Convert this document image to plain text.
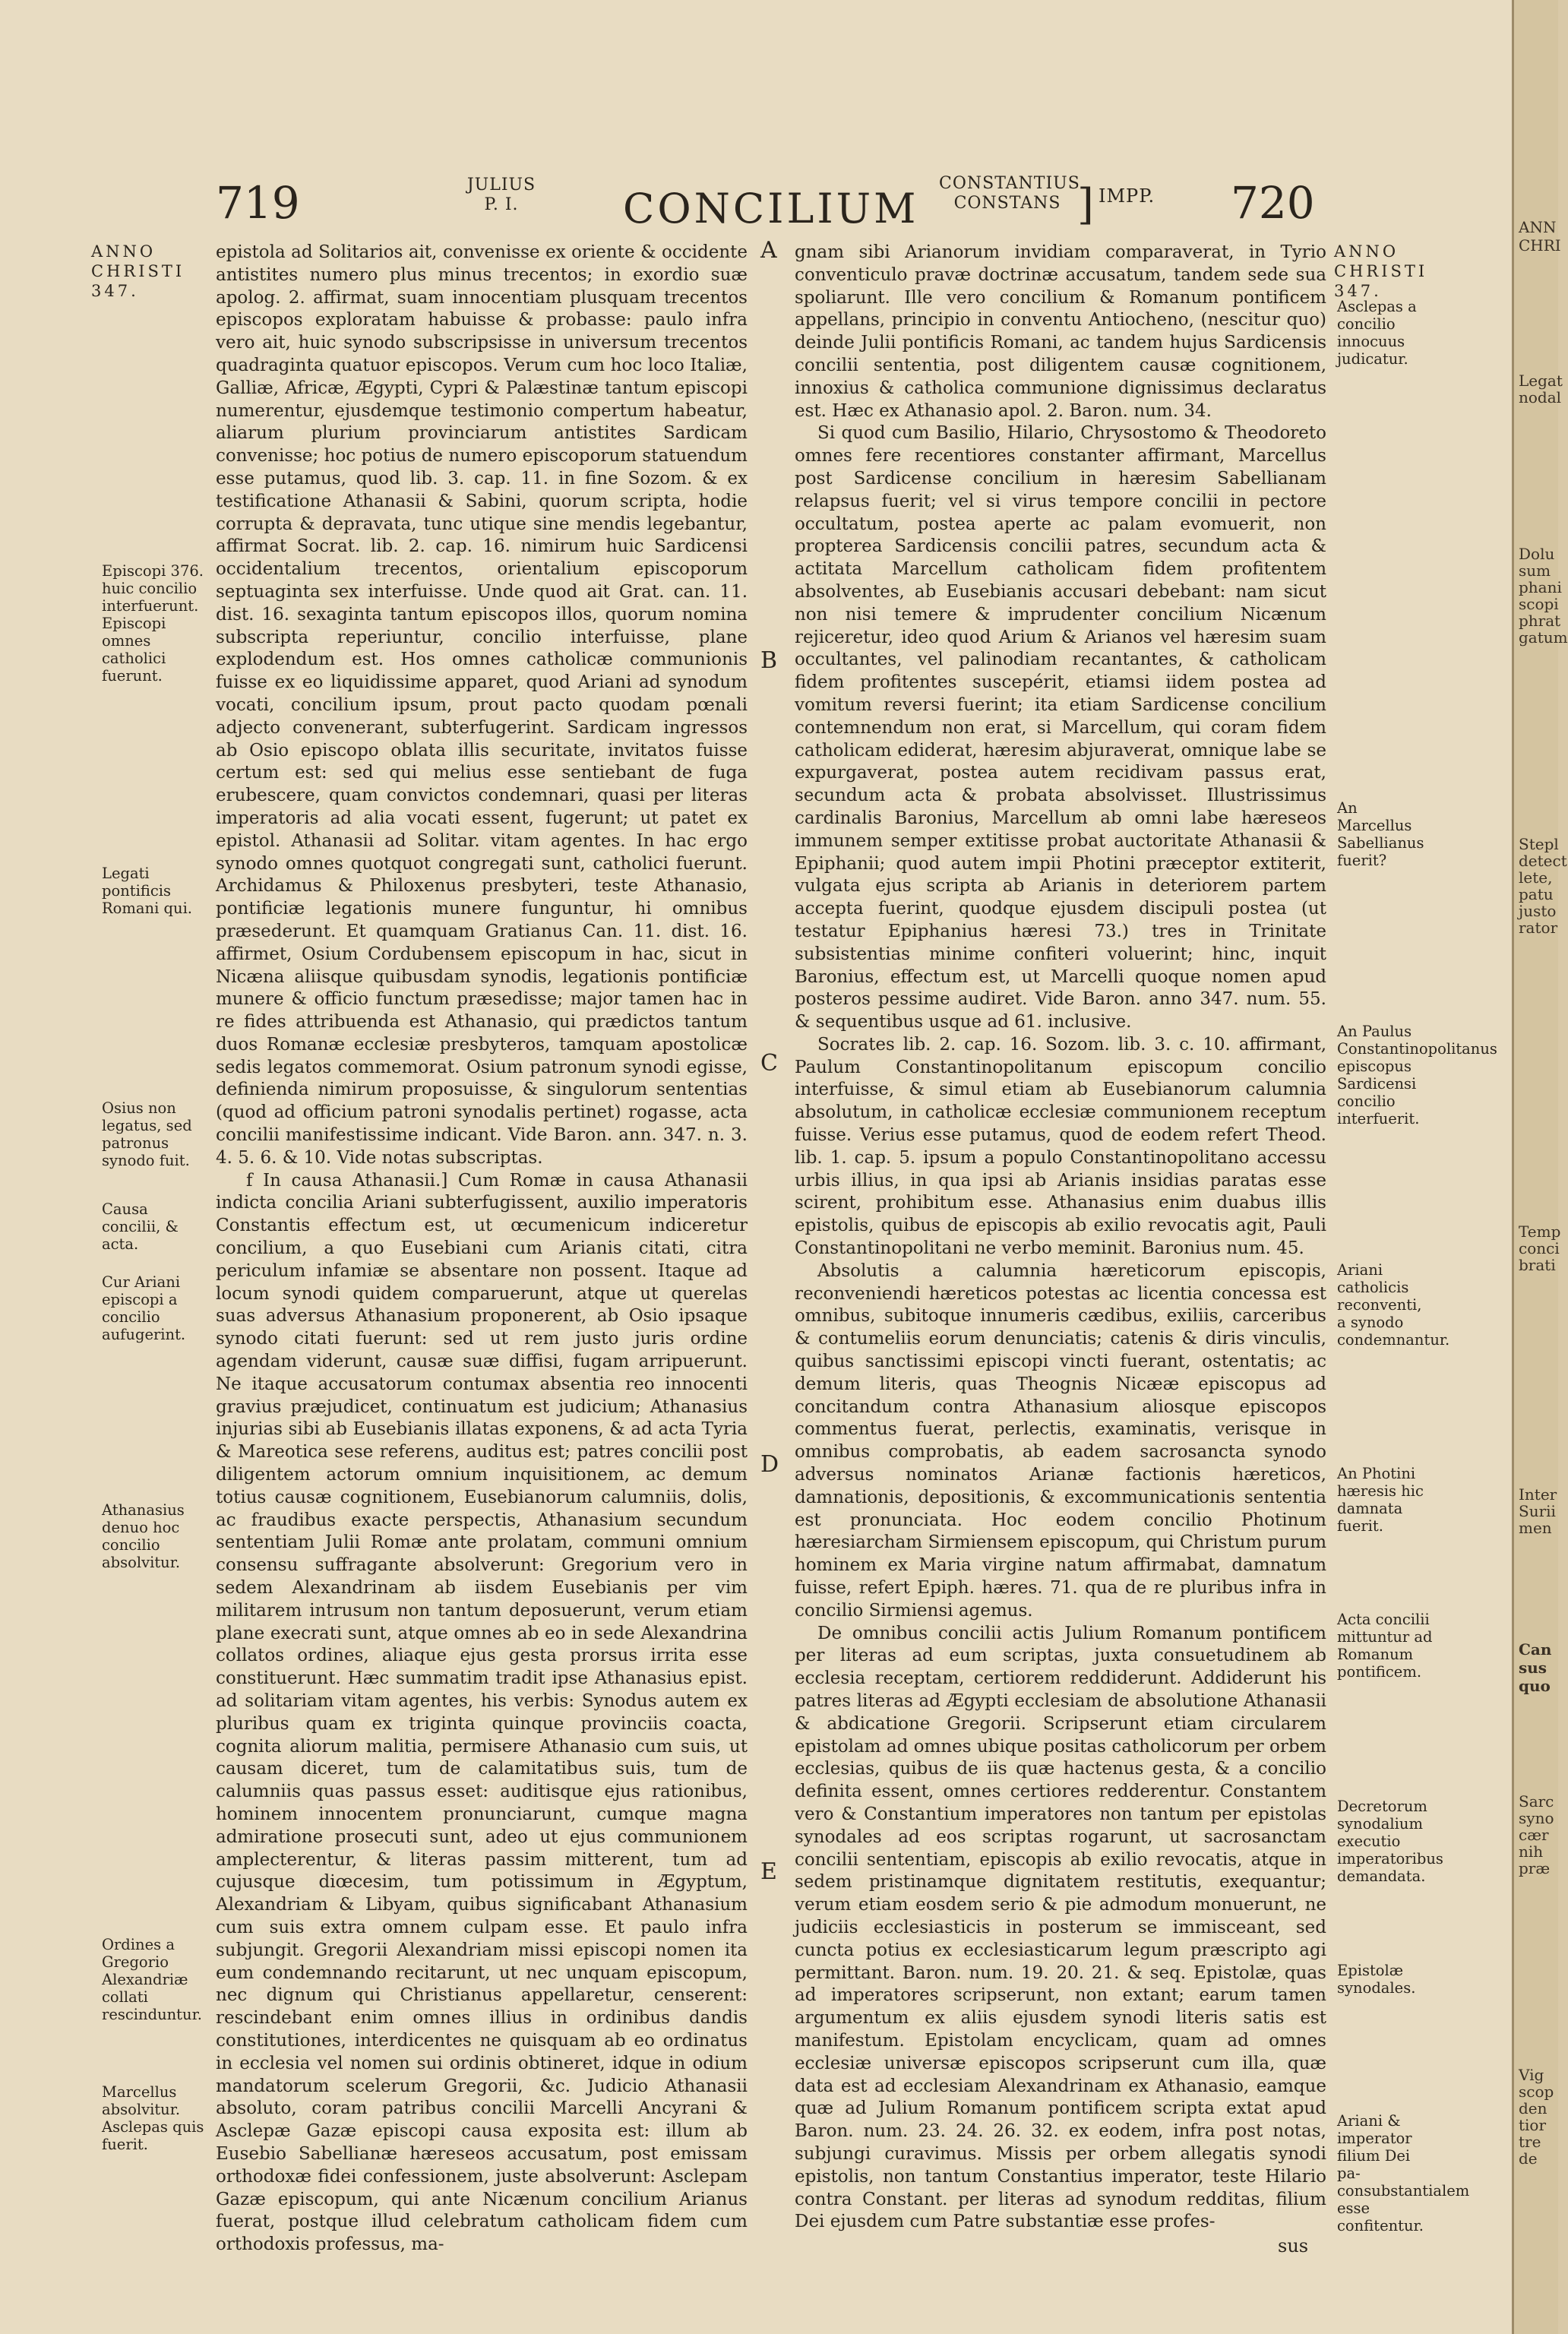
719	JULIUS
P. I.	CONCILIUM
CONSTANTIUS
CONSTANS ] IMPP. 720
ANNO
CHRISTI
347.
Episcopi 376. huic concilio interfuerunt. Episcopi omnes catholici fuerunt.
Legati pontificis Romani qui.
Osius non legatus, sed patronus synodo fuit.
Causa concilii, & acta.
Cur Ariani episcopi a concilio aufugerint.
Athanasius denuo hoc concilio absolvitur.
Ordines a Gregorio Alexandriæ collati rescinduntur.
Marcellus absolvitur. Asclepas quis fuerit.

epistola ad Solitarios ait, convenisse ex oriente & occidente antistites numero plus minus trecentos; in exordio suæ apolog. 2. affirmat, suam innocentiam plusquam trecentos episcopos exploratam habuisse & probasse: paulo infra vero ait, huic synodo subscripsisse in universum trecentos quadraginta quatuor episcopos. Verum cum hoc loco Italiæ, Galliæ, Africæ, Ægypti, Cypri & Palæstinæ tantum episcopi numerentur, ejusdemque testimonio compertum habeatur, aliarum plurium provinciarum antistites Sardicam convenisse; hoc potius de numero episcoporum statuendum esse putamus, quod lib. 3. cap. 11. in fine Sozom. & ex testificatione Athanasii & Sabini, quorum scripta, hodie corrupta & depravata, tunc utique sine mendis legebantur, affirmat Socrat. lib. 2. cap. 16. nimirum huic Sardicensi occidentalium trecentos, orientalium episcoporum septuaginta sex interfuisse. Unde quod ait Grat. can. 11. dist. 16. sexaginta tantum episcopos illos, quorum nomina subscripta reperiuntur, concilio interfuisse, plane explodendum est. Hos omnes catholicæ communionis fuisse ex eo liquidissime apparet, quod Ariani ad synodum vocati, concilium ipsum, prout pacto quodam pœnali adjecto convenerant, subterfugerint. Sardicam ingressos ab Osio episcopo oblata illis securitate, invitatos fuisse certum est: sed qui melius esse sentiebant de fuga erubescere, quam convictos condemnari, quasi per literas imperatoris ad alia vocati essent, fugerunt; ut patet ex epistol. Athanasii ad Solitar. vitam agentes. In hac ergo synodo omnes quotquot congregati sunt, catholici fuerunt. Archidamus & Philoxenus presbyteri, teste Athanasio, pontificiæ legationis munere funguntur, hi omnibus præsederunt. Et quamquam Gratianus Can. 11. dist. 16. affirmet, Osium Cordubensem episcopum in hac, sicut in Nicæna aliisque quibusdam synodis, legationis pontificiæ munere & officio functum præsedisse; major tamen hac in re fides attribuenda est Athanasio, qui prædictos tantum duos Romanæ ecclesiæ presbyteros, tamquam apostolicæ sedis legatos commemorat. Osium patronum synodi egisse, definienda nimirum proposuisse, & singulorum sententias (quod ad officium patroni synodalis pertinet) rogasse, acta concilii manifestissime indicant. Vide Baron. ann. 347. n. 3. 4. 5. 6. & 10. Vide notas subscriptas.

f In causa Athanasii.] Cum Romæ in causa Athanasii indicta concilia Ariani subterfugissent, auxilio imperatoris Constantis effectum est, ut œcumenicum indiceretur concilium, a quo Eusebiani cum Arianis citati, citra periculum infamiæ se absentare non possent. Itaque ad locum synodi quidem comparuerunt, atque ut querelas suas adversus Athanasium proponerent, ab Osio ipsaque synodo citati fuerunt: sed ut rem justo juris ordine agendam viderunt, causæ suæ diffisi, fugam arripuerunt. Ne itaque accusatorum contumax absentia reo innocenti gravius præjudicet, continuatum est judicium; Athanasius injurias sibi ab Eusebianis illatas exponens, & ad acta Tyria & Mareotica sese referens, auditus est; patres concilii post diligentem actorum omnium inquisitionem, ac demum totius causæ cognitionem, Eusebianorum calumniis, dolis, ac fraudibus exacte perspectis, Athanasium secundum sententiam Julii Romæ ante prolatam, communi omnium consensu suffragante absolverunt: Gregorium vero in sedem Alexandrinam ab iisdem Eusebianis per vim militarem intrusum non tantum deposuerunt, verum etiam plane execrati sunt, atque omnes ab eo in sede Alexandrina collatos ordines, aliaque ejus gesta prorsus irrita esse constituerunt. Hæc summatim tradit ipse Athanasius epist. ad solitariam vitam agentes, his verbis: Synodus autem ex pluribus quam ex triginta quinque provinciis coacta, cognita aliorum malitia, permisere Athanasio cum suis, ut causam diceret, tum de calamitatibus suis, tum de calumniis quas passus esset: auditisque ejus rationibus, hominem innocentem pronunciarunt, cumque magna admiratione prosecuti sunt, adeo ut ejus communionem amplecterentur, & literas passim mitterent, tum ad cujusque diœcesim, tum potissimum in Ægyptum, Alexandriam & Libyam, quibus significabant Athanasium cum suis extra omnem culpam esse. Et paulo infra subjungit. Gregorii Alexandriam missi episcopi nomen ita eum condemnando recitarunt, ut nec unquam episcopum, nec dignum qui Christianus appellaretur, censerent: rescindebant enim omnes illius in ordinibus dandis constitutiones, interdicentes ne quisquam ab eo ordinatus in ecclesia vel nomen sui ordinis obtineret, idque in odium mandatorum scelerum Gregorii, &c. Judicio Athanasii absoluto, coram patribus concilii Marcelli Ancyrani & Asclepæ Gazæ episcopi causa exposita est: illum ab Eusebio Sabellianæ hæreseos accusatum, post emissam orthodoxæ fidei confessionem, juste absolverunt: Asclepam Gazæ episcopum, qui ante Nicænum concilium Arianus fuerat, postque illud celebratum catholicam fidem cum orthodoxis professus, ma-

A
B
C
D
E

gnam sibi Arianorum invidiam comparaverat, in Tyrio conventiculo pravæ doctrinæ accusatum, tandem sede sua spoliarunt. Ille vero concilium & Romanum pontificem appellans, principio in conventu Antiocheno, (nescitur quo) deinde Julii pontificis Romani, ac tandem hujus Sardicensis concilii sententia, post diligentem causæ cognitionem, innoxius & catholica communione dignissimus declaratus est. Hæc ex Athanasio apol. 2. Baron. num. 34.

Si quod cum Basilio, Hilario, Chrysostomo & Theodoreto omnes fere recentiores constanter affirmant, Marcellus post Sardicense concilium in hæresim Sabellianam relapsus fuerit; vel si virus tempore concilii in pectore occultatum, postea aperte ac palam evomuerit, non propterea Sardicensis concilii patres, secundum acta & actitata Marcellum catholicam fidem profitentem absolventes, ab Eusebianis accusari debebant: nam sicut non nisi temere & imprudenter concilium Nicænum rejiceretur, ideo quod Arium & Arianos vel hæresim suam occultantes, vel palinodiam recantantes, & catholicam fidem profitentes suscepérit, etiamsi iidem postea ad vomitum reversi fuerint; ita etiam Sardicense concilium contemnendum non erat, si Marcellum, qui coram fidem catholicam ediderat, hæresim abjuraverat, omnique labe se expurgaverat, postea autem recidivam passus erat, secundum acta & probata absolvisset. Illustrissimus cardinalis Baronius, Marcellum ab omni labe hæreseos immunem semper extitisse probat auctoritate Athanasii & Epiphanii; quod autem impii Photini præceptor extiterit, vulgata ejus scripta ab Arianis in deteriorem partem accepta fuerint, quodque ejusdem discipuli postea (ut testatur Epiphanius hæresi 73.) tres in Trinitate subsistentias minime confiteri voluerint; hinc, inquit Baronius, effectum est, ut Marcelli quoque nomen apud posteros pessime audiret. Vide Baron. anno 347. num. 55. & sequentibus usque ad 61. inclusive.

Socrates lib. 2. cap. 16. Sozom. lib. 3. c. 10. affirmant, Paulum Constantinopolitanum episcopum concilio interfuisse, & simul etiam ab Eusebianorum calumnia absolutum, in catholicæ ecclesiæ communionem receptum fuisse. Verius esse putamus, quod de eodem refert Theod. lib. 1. cap. 5. ipsum a populo Constantinopolitano accessu urbis illius, in qua ipsi ab Arianis insidias paratas esse scirent, prohibitum esse. Athanasius enim duabus illis epistolis, quibus de episcopis ab exilio revocatis agit, Pauli Constantinopolitani ne verbo meminit. Baronius num. 45.

Absolutis a calumnia hæreticorum episcopis, reconveniendi hæreticos potestas ac licentia concessa est omnibus, subitoque innumeris cædibus, exiliis, carceribus & contumeliis eorum denunciatis; catenis & diris vinculis, quibus sanctissimi episcopi vincti fuerant, ostentatis; ac demum literis, quas Theognis Nicææ episcopus ad concitandum contra Athanasium aliosque episcopos commentus fuerat, perlectis, examinatis, verisque in omnibus comprobatis, ab eadem sacrosancta synodo adversus nominatos Arianæ factionis hæreticos, damnationis, depositionis, & excommunicationis sententia est pronunciata. Hoc eodem concilio Photinum hæresiarcham Sirmiensem episcopum, qui Christum purum hominem ex Maria virgine natum affirmabat, damnatum fuisse, refert Epiph. hæres. 71. qua de re pluribus infra in concilio Sirmiensi agemus.

De omnibus concilii actis Julium Romanum pontificem per literas ad eum scriptas, juxta consuetudinem ab ecclesia receptam, certiorem reddiderunt. Addiderunt his patres literas ad Ægypti ecclesiam de absolutione Athanasii & abdicatione Gregorii. Scripserunt etiam circularem epistolam ad omnes ubique positas catholicorum per orbem ecclesias, quibus de iis quæ hactenus gesta, & a concilio definita essent, omnes certiores redderentur. Constantem vero & Constantium imperatores non tantum per epistolas synodales ad eos scriptas rogarunt, ut sacrosanctam concilii sententiam, episcopis ab exilio revocatis, atque in sedem pristinamque dignitatem restitutis, exequantur; verum etiam eosdem serio & pie admodum monuerunt, ne judiciis ecclesiasticis in posterum se immisceant, sed cuncta potius ex ecclesiasticarum legum præscripto agi permittant. Baron. num. 19. 20. 21. & seq. Epistolæ, quas ad imperatores scripserunt, non extant; earum tamen argumentum ex aliis ejusdem synodi literis satis est manifestum. Epistolam encyclicam, quam ad omnes ecclesiæ universæ episcopos scripserunt cum illa, quæ data est ad ecclesiam Alexandrinam ex Athanasio, eamque quæ ad Julium Romanum pontificem scripta extat apud Baron. num. 23. 24. 26. 32. ex eodem, infra post notas, subjungi curavimus. Missis per orbem allegatis synodi epistolis, non tantum Constantius imperator, teste Hilario contra Constant. per literas ad synodum redditas, filium Dei ejusdem cum Patre substantiæ esse profes-

ANNO
CHRISTI
347.
Asclepas a concilio innocuus judicatur.
An Marcellus Sabellianus fuerit?
An Paulus Constantinopolitanus episcopus Sardicensi concilio interfuerit.
Ariani catholicis reconventi, a synodo condemnantur.
An Photini hæresis hic damnata fuerit.
Acta concilii mittuntur ad Romanum pontificem.
Decretorum synodalium executio imperatoribus demandata.
Epistolæ synodales.
Ariani & imperator filium Dei pa- consubstantialem esse confitentur.
sus
ANN
CHRI
Legat
nodal
Dolu
sum
phani
scopi
phrat
gatum
Stepl
detect
lete,
patu
justo
rator
Temp
conci
brati
Inter
Surii
men
Can
sus
quo
Sarc
syno
cær
nih
præ
Vig
scop
den
tior
tre
de
